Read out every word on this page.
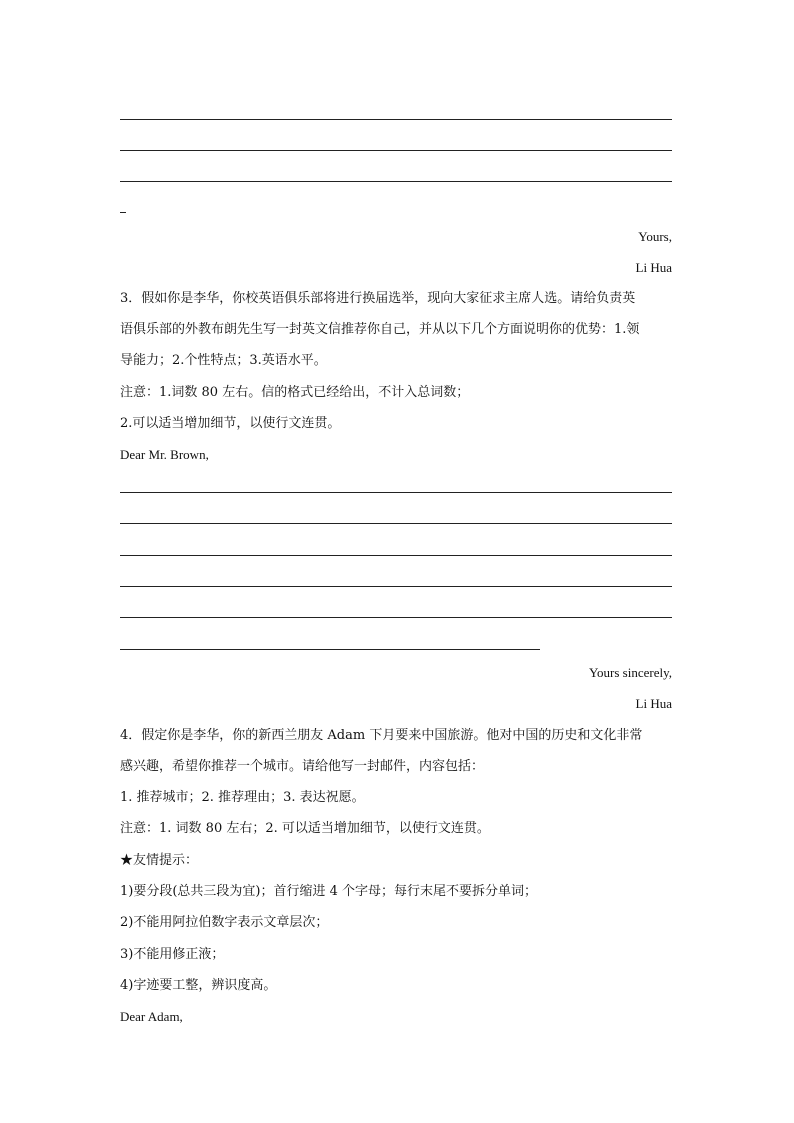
Yours,
Li Hua
3．假如你是李华，你校英语俱乐部将进行换届选举，现向大家征求主席人选。请给负责英
语俱乐部的外教布朗先生写一封英文信推荐你自己，并从以下几个方面说明你的优势：1.领
导能力；2.个性特点；3.英语水平。
注意：1.词数 80 左右。信的格式已经给出，不计入总词数；
2.可以适当增加细节，以使行文连贯。
Dear Mr. Brown,
Yours sincerely,
Li Hua
4．假定你是李华，你的新西兰朋友 Adam 下月要来中国旅游。他对中国的历史和文化非常
感兴趣，希望你推荐一个城市。请给他写一封邮件，内容包括：
1. 推荐城市；2. 推荐理由；3. 表达祝愿。
注意：1. 词数 80 左右；2. 可以适当增加细节，以使行文连贯。
★友情提示：
1)要分段(总共三段为宜)；首行缩进 4 个字母；每行末尾不要拆分单词；
2)不能用阿拉伯数字表示文章层次；
3)不能用修正液；
4)字迹要工整，辨识度高。
Dear Adam,
